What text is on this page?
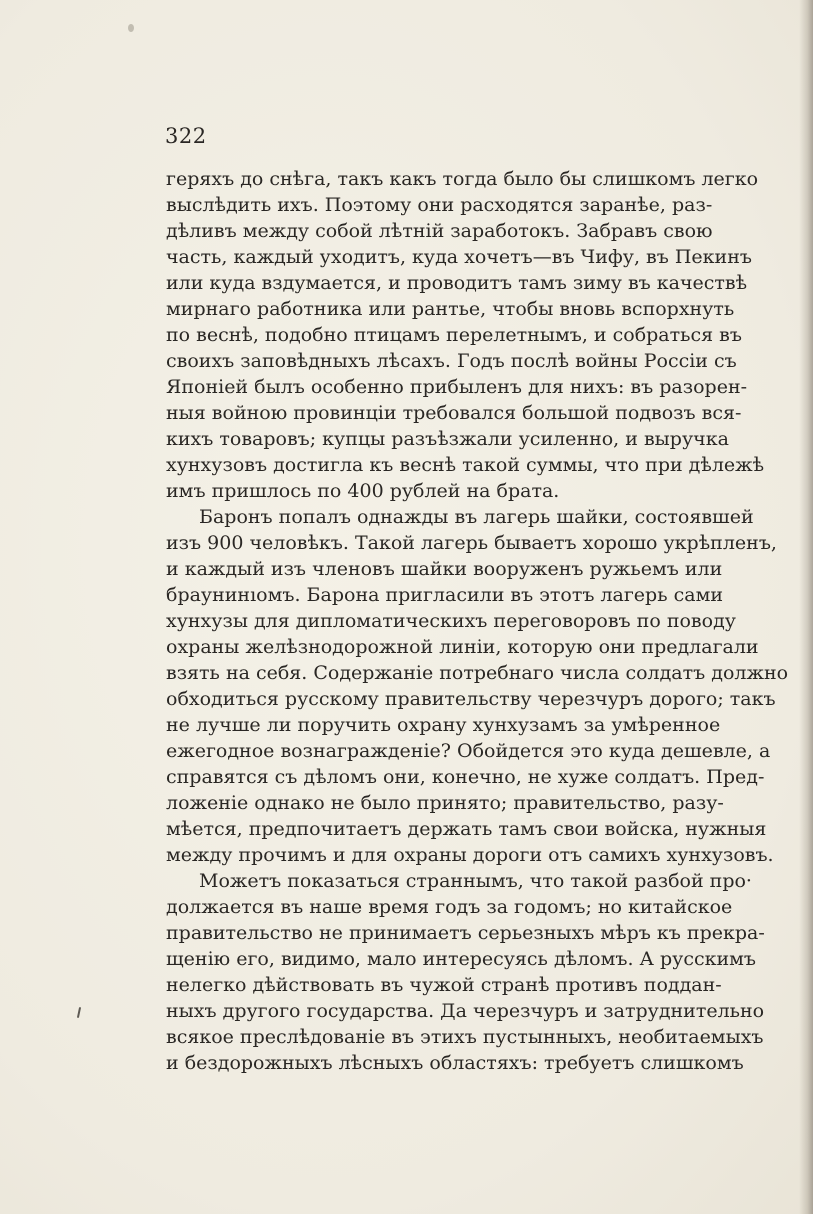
322
геряхъ до снѣга, такъ какъ тогда было бы слишкомъ легко
выслѣдить ихъ. Поэтому они расходятся заранѣе, раз-
дѣливъ между собой лѣтній заработокъ. Забравъ свою
часть, каждый уходитъ, куда хочетъ—въ Чифу, въ Пекинъ
или куда вздумается, и проводитъ тамъ зиму въ качествѣ
мирнаго работника или рантье, чтобы вновь вспорхнуть
по веснѣ, подобно птицамъ перелетнымъ, и собраться въ
своихъ заповѣдныхъ лѣсахъ. Годъ послѣ войны Россіи съ
Японіей былъ особенно прибыленъ для нихъ: въ разорен-
ныя войною провинціи требовался большой подвозъ вся-
кихъ товаровъ; купцы разъѣзжали усиленно, и выручка
хунхузовъ достигла къ веснѣ такой суммы, что при дѣлежѣ
имъ пришлось по 400 рублей на брата.
Баронъ попалъ однажды въ лагерь шайки, состоявшей
изъ 900 человѣкъ. Такой лагерь бываетъ хорошо укрѣпленъ,
и каждый изъ членовъ шайки вооруженъ ружьемъ или
браунинıомъ. Барона пригласили въ этотъ лагерь сами
хунхузы для дипломатическихъ переговоровъ по поводу
охраны желѣзнодорожной линіи, которую они предлагали
взять на себя. Содержаніе потребнаго числа солдатъ должно
обходиться русскому правительству черезчуръ дорого; такъ
не лучше ли поручить охрану хунхузамъ за умѣренное
ежегодное вознагражденіе? Обойдется это куда дешевле, а
справятся съ дѣломъ они, конечно, не хуже солдатъ. Пред-
ложеніе однако не было принято; правительство, разу-
мѣется, предпочитаетъ держать тамъ свои войска, нужныя
между прочимъ и для охраны дороги отъ самихъ хунхузовъ.
Можетъ показаться страннымъ, что такой разбой про·
должается въ наше время годъ за годомъ; но китайское
правительство не принимаетъ серьезныхъ мѣръ къ прекра-
щенію его, видимо, мало интересуясь дѣломъ. А русскимъ
нелегко дѣйствовать въ чужой странѣ противъ поддан-
ныхъ другого государства. Да черезчуръ и затруднительно
всякое преслѣдованіе въ этихъ пустынныхъ, необитаемыхъ
и бездорожныхъ лѣсныхъ областяхъ: требуетъ слишкомъ
